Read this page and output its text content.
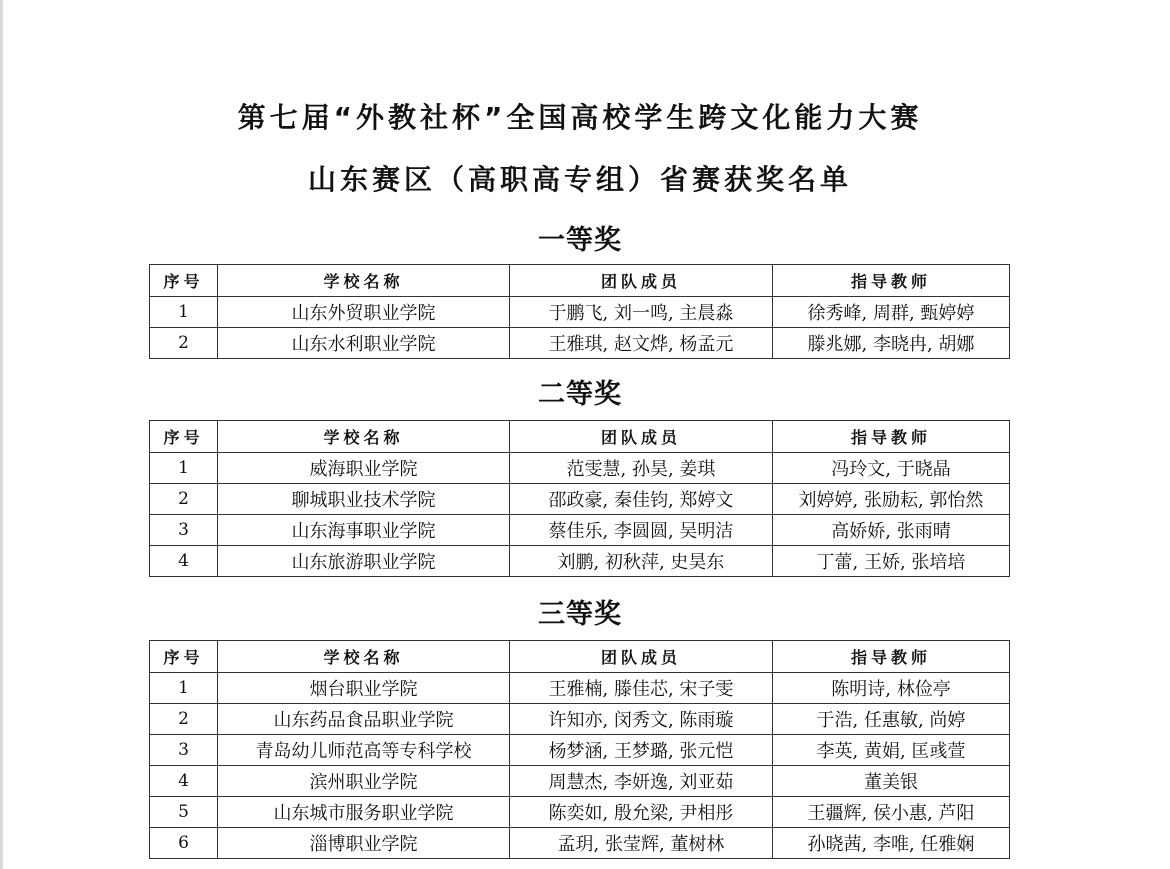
第七届“外教社杯”全国高校学生跨文化能力大赛
山东赛区（高职高专组）省赛获奖名单
一等奖
序号	学校名称	团队成员	指导教师
1	山东外贸职业学院	于鹏飞, 刘一鸣, 主晨淼	徐秀峰, 周群, 甄婷婷
2	山东水利职业学院	王雅琪, 赵文烨, 杨孟元	滕兆娜, 李晓冉, 胡娜
二等奖
序号	学校名称	团队成员	指导教师
1	威海职业学院	范雯慧, 孙昊, 姜琪	冯玲文, 于晓晶
2	聊城职业技术学院	邵政豪, 秦佳钧, 郑婷文	刘婷婷, 张励耘, 郭怡然
3	山东海事职业学院	蔡佳乐, 李圆圆, 吴明洁	高娇娇, 张雨晴
4	山东旅游职业学院	刘鹏, 初秋萍, 史昊东	丁蕾, 王娇, 张培培
三等奖
序号	学校名称	团队成员	指导教师
1	烟台职业学院	王雅楠, 滕佳芯, 宋子雯	陈明诗, 林俭亭
2	山东药品食品职业学院	许知亦, 闵秀文, 陈雨璇	于浩, 任惠敏, 尚婷
3	青岛幼儿师范高等专科学校	杨梦涵, 王梦璐, 张元恺	李英, 黄娟, 匡彧萱
4	滨州职业学院	周慧杰, 李妍逸, 刘亚茹	董美银
5	山东城市服务职业学院	陈奕如, 殷允梁, 尹相彤	王疆辉, 侯小惠, 芦阳
6	淄博职业学院	孟玥, 张莹辉, 董树林	孙晓茜, 李唯, 任雅娴
